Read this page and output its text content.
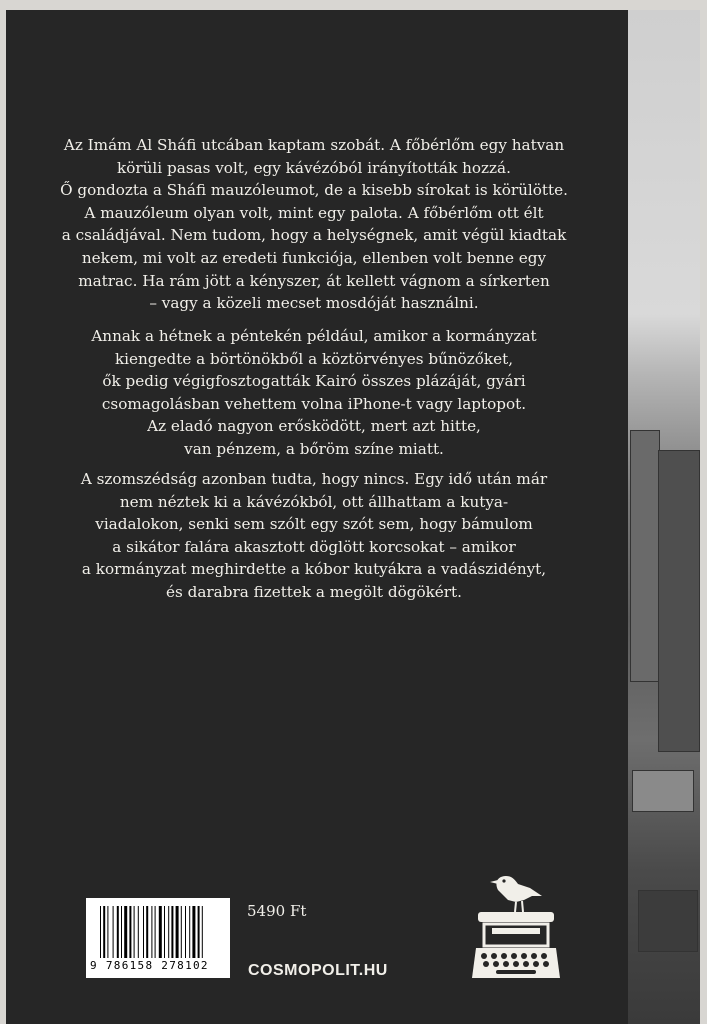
Az Imám Al Sháfi utcában kaptam szobát. A főbérlőm egy hatvan

körüli pasas volt, egy kávézóból irányították hozzá.

Ő gondozta a Sháfi mauzóleumot, de a kisebb sírokat is körülötte.

A mauzóleum olyan volt, mint egy palota. A főbérlőm ott élt

a családjával. Nem tudom, hogy a helységnek, amit végül kiadtak

nekem, mi volt az eredeti funkciója, ellenben volt benne egy

matrac. Ha rám jött a kényszer, át kellett vágnom a sírkerten

– vagy a közeli mecset mosdóját használni.

Annak a hétnek a péntekén például, amikor a kormányzat

kiengedte a börtönökből a köztörvényes bűnözőket,

ők pedig végigfosztogatták Kairó összes plázáját, gyári

csomagolásban vehettem volna iPhone-t vagy laptopot.

Az eladó nagyon erősködött, mert azt hitte,

van pénzem, a bőröm színe miatt.

A szomszédság azonban tudta, hogy nincs. Egy idő után már

nem néztek ki a kávézókból, ott állhattam a kutya-

viadalokon, senki sem szólt egy szót sem, hogy bámulom

a sikátor falára akasztott döglött korcsokat – amikor

a kormányzat meghirdette a kóbor kutyákra a vadászidényt,

és darabra fizettek a megölt dögökért.

9 786158 278102
5490 Ft
COSMOPOLIT.HU
